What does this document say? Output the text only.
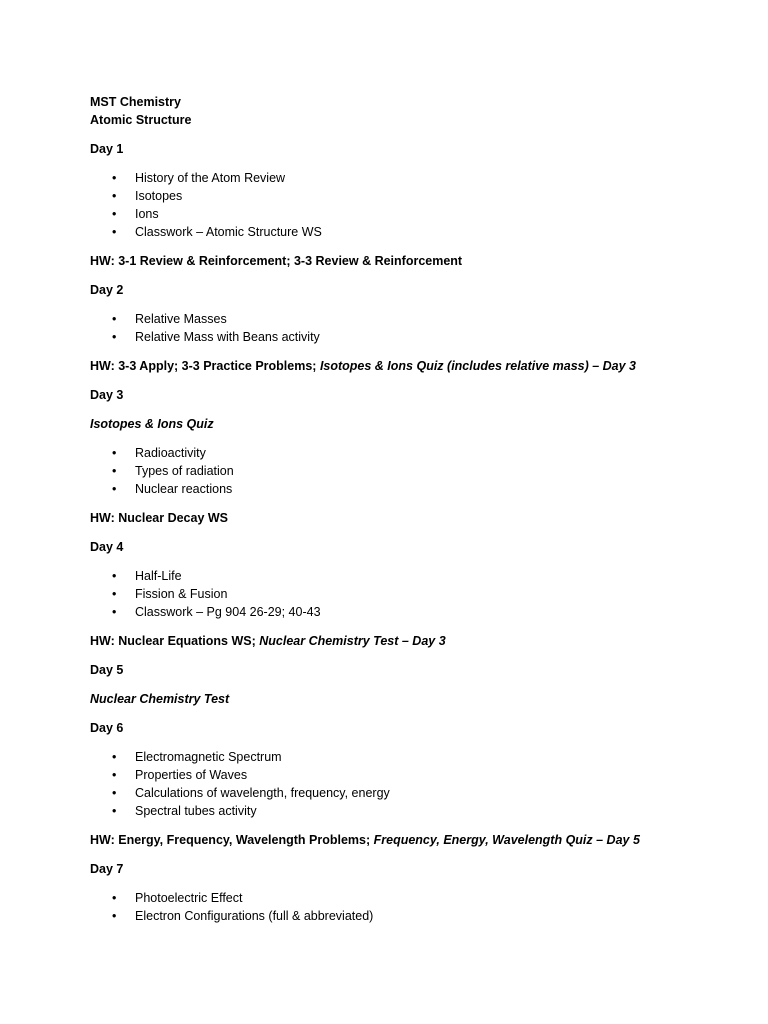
MST Chemistry

Atomic Structure

Day 1

• History of the Atom Review
• Isotopes
• Ions
• Classwork – Atomic Structure WS

HW: 3-1 Review & Reinforcement; 3-3 Review & Reinforcement

Day 2

• Relative Masses
• Relative Mass with Beans activity

HW: 3-3 Apply; 3-3 Practice Problems; Isotopes & Ions Quiz (includes relative mass) – Day 3

Day 3

Isotopes & Ions Quiz

• Radioactivity
• Types of radiation
• Nuclear reactions

HW: Nuclear Decay WS

Day 4

• Half-Life
• Fission & Fusion
• Classwork – Pg 904 26-29; 40-43

HW: Nuclear Equations WS; Nuclear Chemistry Test – Day 3

Day 5

Nuclear Chemistry Test

Day 6

• Electromagnetic Spectrum
• Properties of Waves
• Calculations of wavelength, frequency, energy
• Spectral tubes activity

HW: Energy, Frequency, Wavelength Problems; Frequency, Energy, Wavelength Quiz – Day 5

Day 7

• Photoelectric Effect
• Electron Configurations (full & abbreviated)
